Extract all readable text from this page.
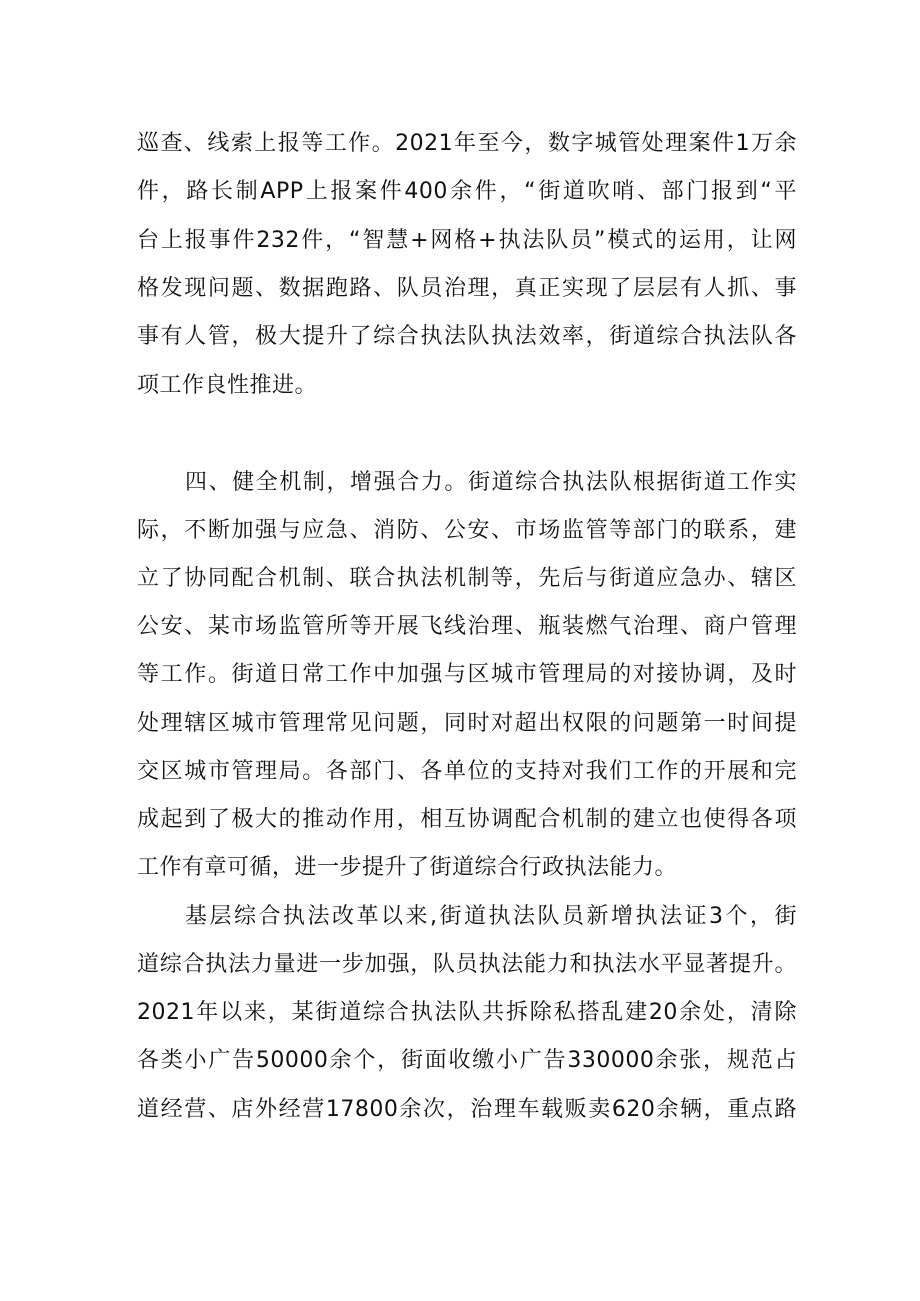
巡查、线索上报等工作。2021年至今，数字城管处理案件1万余
件，路长制APP上报案件400余件，“街道吹哨、部门报到“平
台上报事件232件，“智慧+网格+执法队员”模式的运用，让网
格发现问题、数据跑路、队员治理，真正实现了层层有人抓、事
事有人管，极大提升了综合执法队执法效率，街道综合执法队各
项工作良性推进。
四、健全机制，增强合力。街道综合执法队根据街道工作实
际，不断加强与应急、消防、公安、市场监管等部门的联系，建
立了协同配合机制、联合执法机制等，先后与街道应急办、辖区
公安、某市场监管所等开展飞线治理、瓶装燃气治理、商户管理
等工作。街道日常工作中加强与区城市管理局的对接协调，及时
处理辖区城市管理常见问题，同时对超出权限的问题第一时间提
交区城市管理局。各部门、各单位的支持对我们工作的开展和完
成起到了极大的推动作用，相互协调配合机制的建立也使得各项
工作有章可循，进一步提升了街道综合行政执法能力。
基层综合执法改革以来,街道执法队员新增执法证3个，街
道综合执法力量进一步加强，队员执法能力和执法水平显著提升。
2021年以来，某街道综合执法队共拆除私搭乱建20余处，清除
各类小广告50000余个，街面收缴小广告330000余张，规范占
道经营、店外经营17800余次，治理车载贩卖620余辆，重点路
